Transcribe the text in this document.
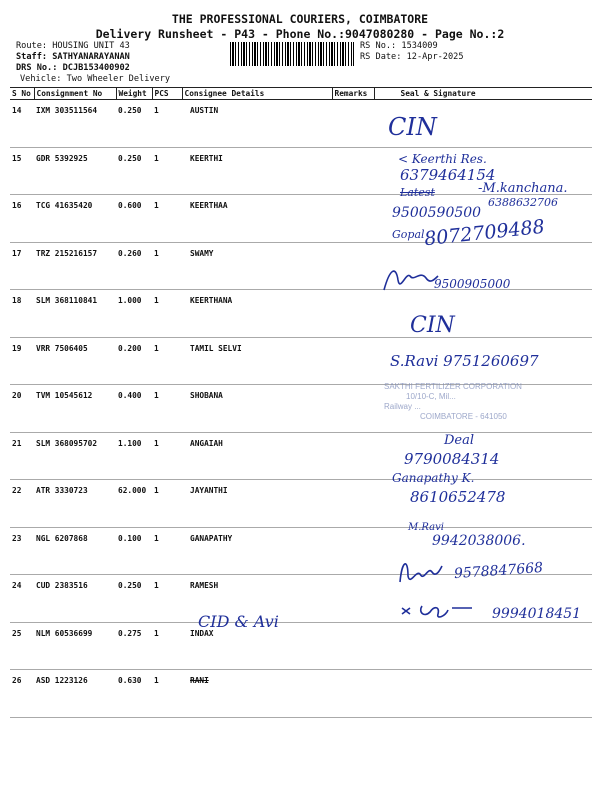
THE PROFESSIONAL COURIERS, COIMBATORE
Delivery Runsheet - P43 - Phone No.:9047080280 - Page No.:2
Route: HOUSING UNIT 43
Staff: SATHYANARAYANAN
DRS No.: DCJB153400902
Vehicle: Two Wheeler Delivery
RS No.: 1534009
RS Date: 12-Apr-2025
S No	Consignment No	Weight	PCS	Consignee Details	Remarks	Seal & Signature
14	IXM 303511564	0.250	1	AUSTIN		
15	GDR 5392925	0.250	1	KEERTHI		
16	TCG 41635420	0.600	1	KEERTHAA		
17	TRZ 215216157	0.260	1	SWAMY		
18	SLM 368110841	1.000	1	KEERTHANA		
19	VRR 7506405	0.200	1	TAMIL SELVI		
20	TVM 10545612	0.400	1	SHOBANA		
21	SLM 368095702	1.100	1	ANGAIAH		
22	ATR 3330723	62.000	1	JAYANTHI		
23	NGL 6207868	0.100	1	GANAPATHY		
24	CUD 2383516	0.250	1	RAMESH		
25	NLM 60536699	0.275	1	INDAX		
26	ASD 1223126	0.630	1	RANI		
SAKTHI FERTILIZER CORPORATION
10/10-C, Mil...
Railway ...
COIMBATORE - 641050
CIN
< Keerthi Res.
6379464154
Latest	-M.kanchana.
6388632706
9500590500
Gopal
8072709488
9500905000
CIN
S.Ravi 9751260697
Deal
9790084314
Ganapathy K.
8610652478
M.Ravi
9942038006.
9578847668
9994018451
CID & Avi
